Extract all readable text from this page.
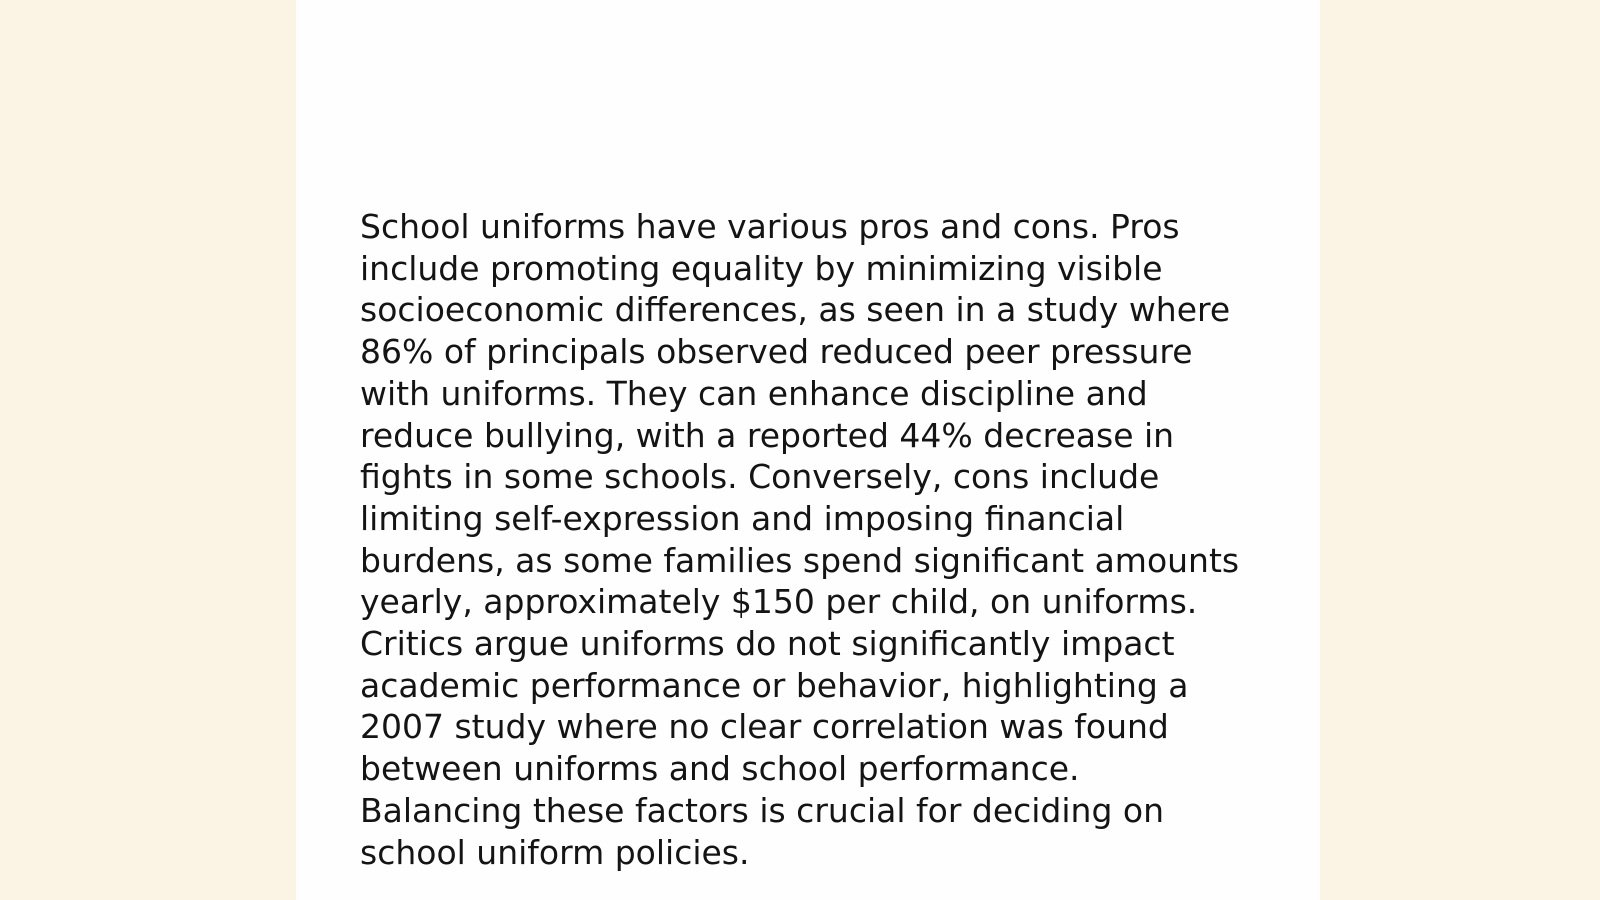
School uniforms have various pros and cons. Pros
include promoting equality by minimizing visible
socioeconomic differences, as seen in a study where
86% of principals observed reduced peer pressure
with uniforms. They can enhance discipline and
reduce bullying, with a reported 44% decrease in
fights in some schools. Conversely, cons include
limiting self-expression and imposing financial
burdens, as some families spend significant amounts
yearly, approximately $150 per child, on uniforms.
Critics argue uniforms do not significantly impact
academic performance or behavior, highlighting a
2007 study where no clear correlation was found
between uniforms and school performance.
Balancing these factors is crucial for deciding on
school uniform policies.
